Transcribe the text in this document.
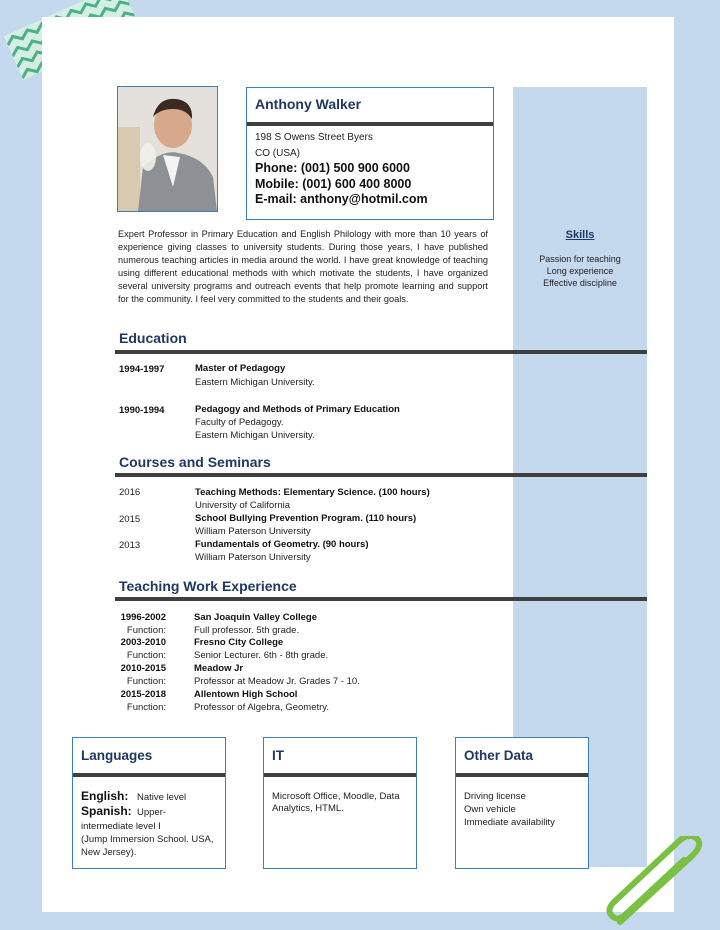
Anthony Walker
198 S Owens Street Byers
CO (USA)
Phone: (001) 500 900 6000
Mobile: (001) 600 400 8000
E-mail: anthony@hotmil.com
Expert Professor in Primary Education and English Philology with more than 10 years of experience giving classes to university students. During those years, I have published numerous teaching articles in media around the world. I have great knowledge of teaching using different educational methods with which motivate the students, I have organized several university programs and outreach events that help promote learning and support for the community. I feel very committed to the students and their goals.
Skills
Passion for teaching
Long experience
Effective discipline
Education
1994-1997	Master of Pedagogy
Eastern Michigan University.
1990-1994	Pedagogy and Methods of Primary Education
Faculty of Pedagogy.
Eastern Michigan University.
Courses and Seminars
2016	Teaching Methods: Elementary Science. (100 hours)
University of California
2015	School Bullying Prevention Program. (110 hours)
William Paterson University
2013	Fundamentals of Geometry. (90 hours)
William Paterson University
Teaching Work Experience
1996-2002	San Joaquin Valley College
Function:	Full professor. 5th grade.
2003-2010	Fresno City College
Function:	Senior Lecturer. 6th - 8th grade.
2010-2015	Meadow Jr
Function:	Professor at Meadow Jr. Grades 7 - 10.
2015-2018	Allentown High School
Function:	Professor of Algebra, Geometry.
Languages
English: Native level
Spanish: Upper-
intermediate level I
(Jump Immersion School. USA,
New Jersey).
IT
Microsoft Office, Moodle, Data
Analytics, HTML.
Other Data
Driving license
Own vehicle
Immediate availability
